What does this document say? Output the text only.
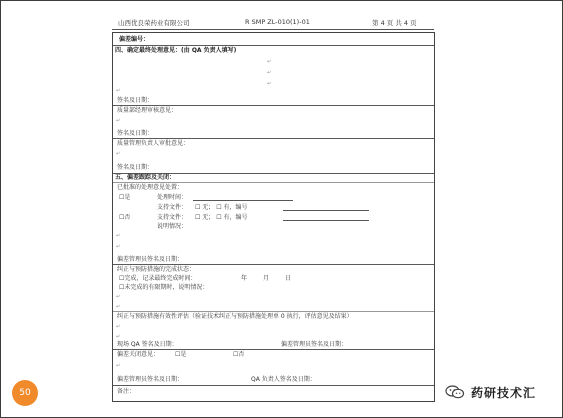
山西优良荣药业有限公司	R SMP ZL-010(1)-01	第 4 页 共 4 页
偏差编号：
四、确定最终处理意见：(由 QA 负责人填写)
↵
↵
↵
↵
签名及日期：
质量部经理审核意见：
↵
签名及日期：
质量管理负责人审批意见：
↵
签名及日期：
五、偏差跟踪及关闭：
已批准的处理意见处置：
☐是	处理时间：
支持文件： ☐ 无； ☐ 有，编号
☐否	支持文件： ☐ 无； ☐ 有，编号
说明情况：
↵
↵
偏差管理员签名及日期：
纠正与预防措施的完成状态：
☐完成，记录最终完成时间：	年	月	日
☐未完成的有限期时，说明情况：
↵
↵
纠正与预防措施有效性评估（验证技术纠正与预防措施处理单 0 执行，评估意见及结果）
↵
↵
现场 QA 签名及日期：	偏差管理员签名及日期：
偏差关闭意见：	☐是	☐否
↵
偏差管理员签名及日期：	QA 负责人签名及日期：
备注：
50	药研技术汇
